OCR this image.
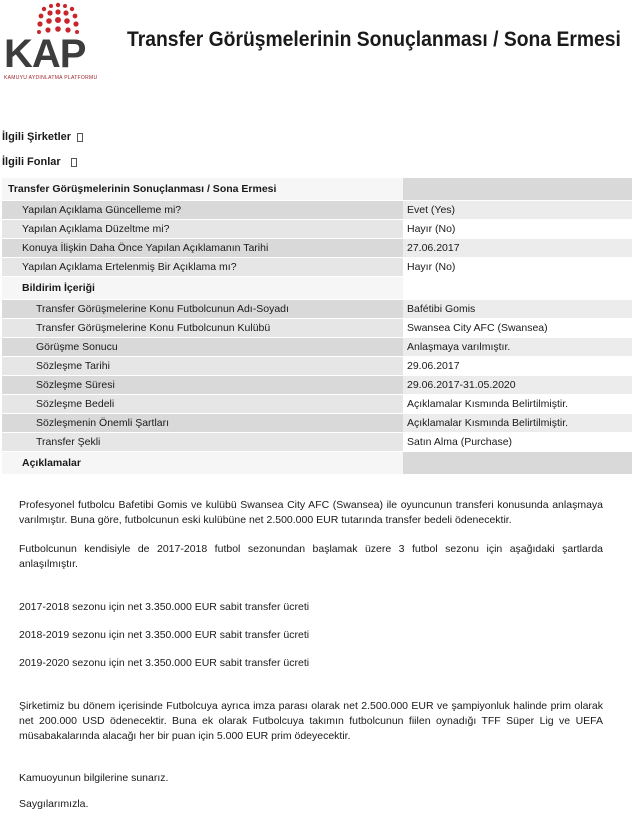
KAP
KAMUYU AYDINLATMA PLATFORMU
Transfer Görüşmelerinin Sonuçlanması / Sona Ermesi
İlgili Şirketler
İlgili Fonlar
Transfer Görüşmelerinin Sonuçlanması / Sona Ermesi	
Yapılan Açıklama Güncelleme mi?	Evet (Yes)
Yapılan Açıklama Düzeltme mi?	Hayır (No)
Konuya İlişkin Daha Önce Yapılan Açıklamanın Tarihi	27.06.2017
Yapılan Açıklama Ertelenmiş Bir Açıklama mı?	Hayır (No)
Bildirim İçeriği	
Transfer Görüşmelerine Konu Futbolcunun Adı-Soyadı	Bafétibi Gomis
Transfer Görüşmelerine Konu Futbolcunun Kulübü	Swansea City AFC (Swansea)
Görüşme Sonucu	Anlaşmaya varılmıştır.
Sözleşme Tarihi	29.06.2017
Sözleşme Süresi	29.06.2017-31.05.2020
Sözleşme Bedeli	Açıklamalar Kısmında Belirtilmiştir.
Sözleşmenin Önemli Şartları	Açıklamalar Kısmında Belirtilmiştir.
Transfer Şekli	Satın Alma (Purchase)
Açıklamalar	
Profesyonel futbolcu Bafetibi Gomis ve kulübü Swansea City AFC (Swansea) ile oyuncunun transferi konusunda anlaşmaya varılmıştır. Buna göre, futbolcunun eski kulübüne net 2.500.000 EUR tutarında transfer bedeli ödenecektir.
Futbolcunun kendisiyle de 2017-2018 futbol sezonundan başlamak üzere 3 futbol sezonu için aşağıdaki şartlarda anlaşılmıştır.
2017-2018 sezonu için net 3.350.000 EUR sabit transfer ücreti
2018-2019 sezonu için net 3.350.000 EUR sabit transfer ücreti
2019-2020 sezonu için net 3.350.000 EUR sabit transfer ücreti
Şirketimiz bu dönem içerisinde Futbolcuya ayrıca imza parası olarak net 2.500.000 EUR ve şampiyonluk halinde prim olarak net 200.000 USD ödenecektir. Buna ek olarak Futbolcuya takımın futbolcunun fiilen oynadığı TFF Süper Lig ve UEFA müsabakalarında alacağı her bir puan için 5.000 EUR prim ödeyecektir.
Kamuoyunun bilgilerine sunarız.
Saygılarımızla.
